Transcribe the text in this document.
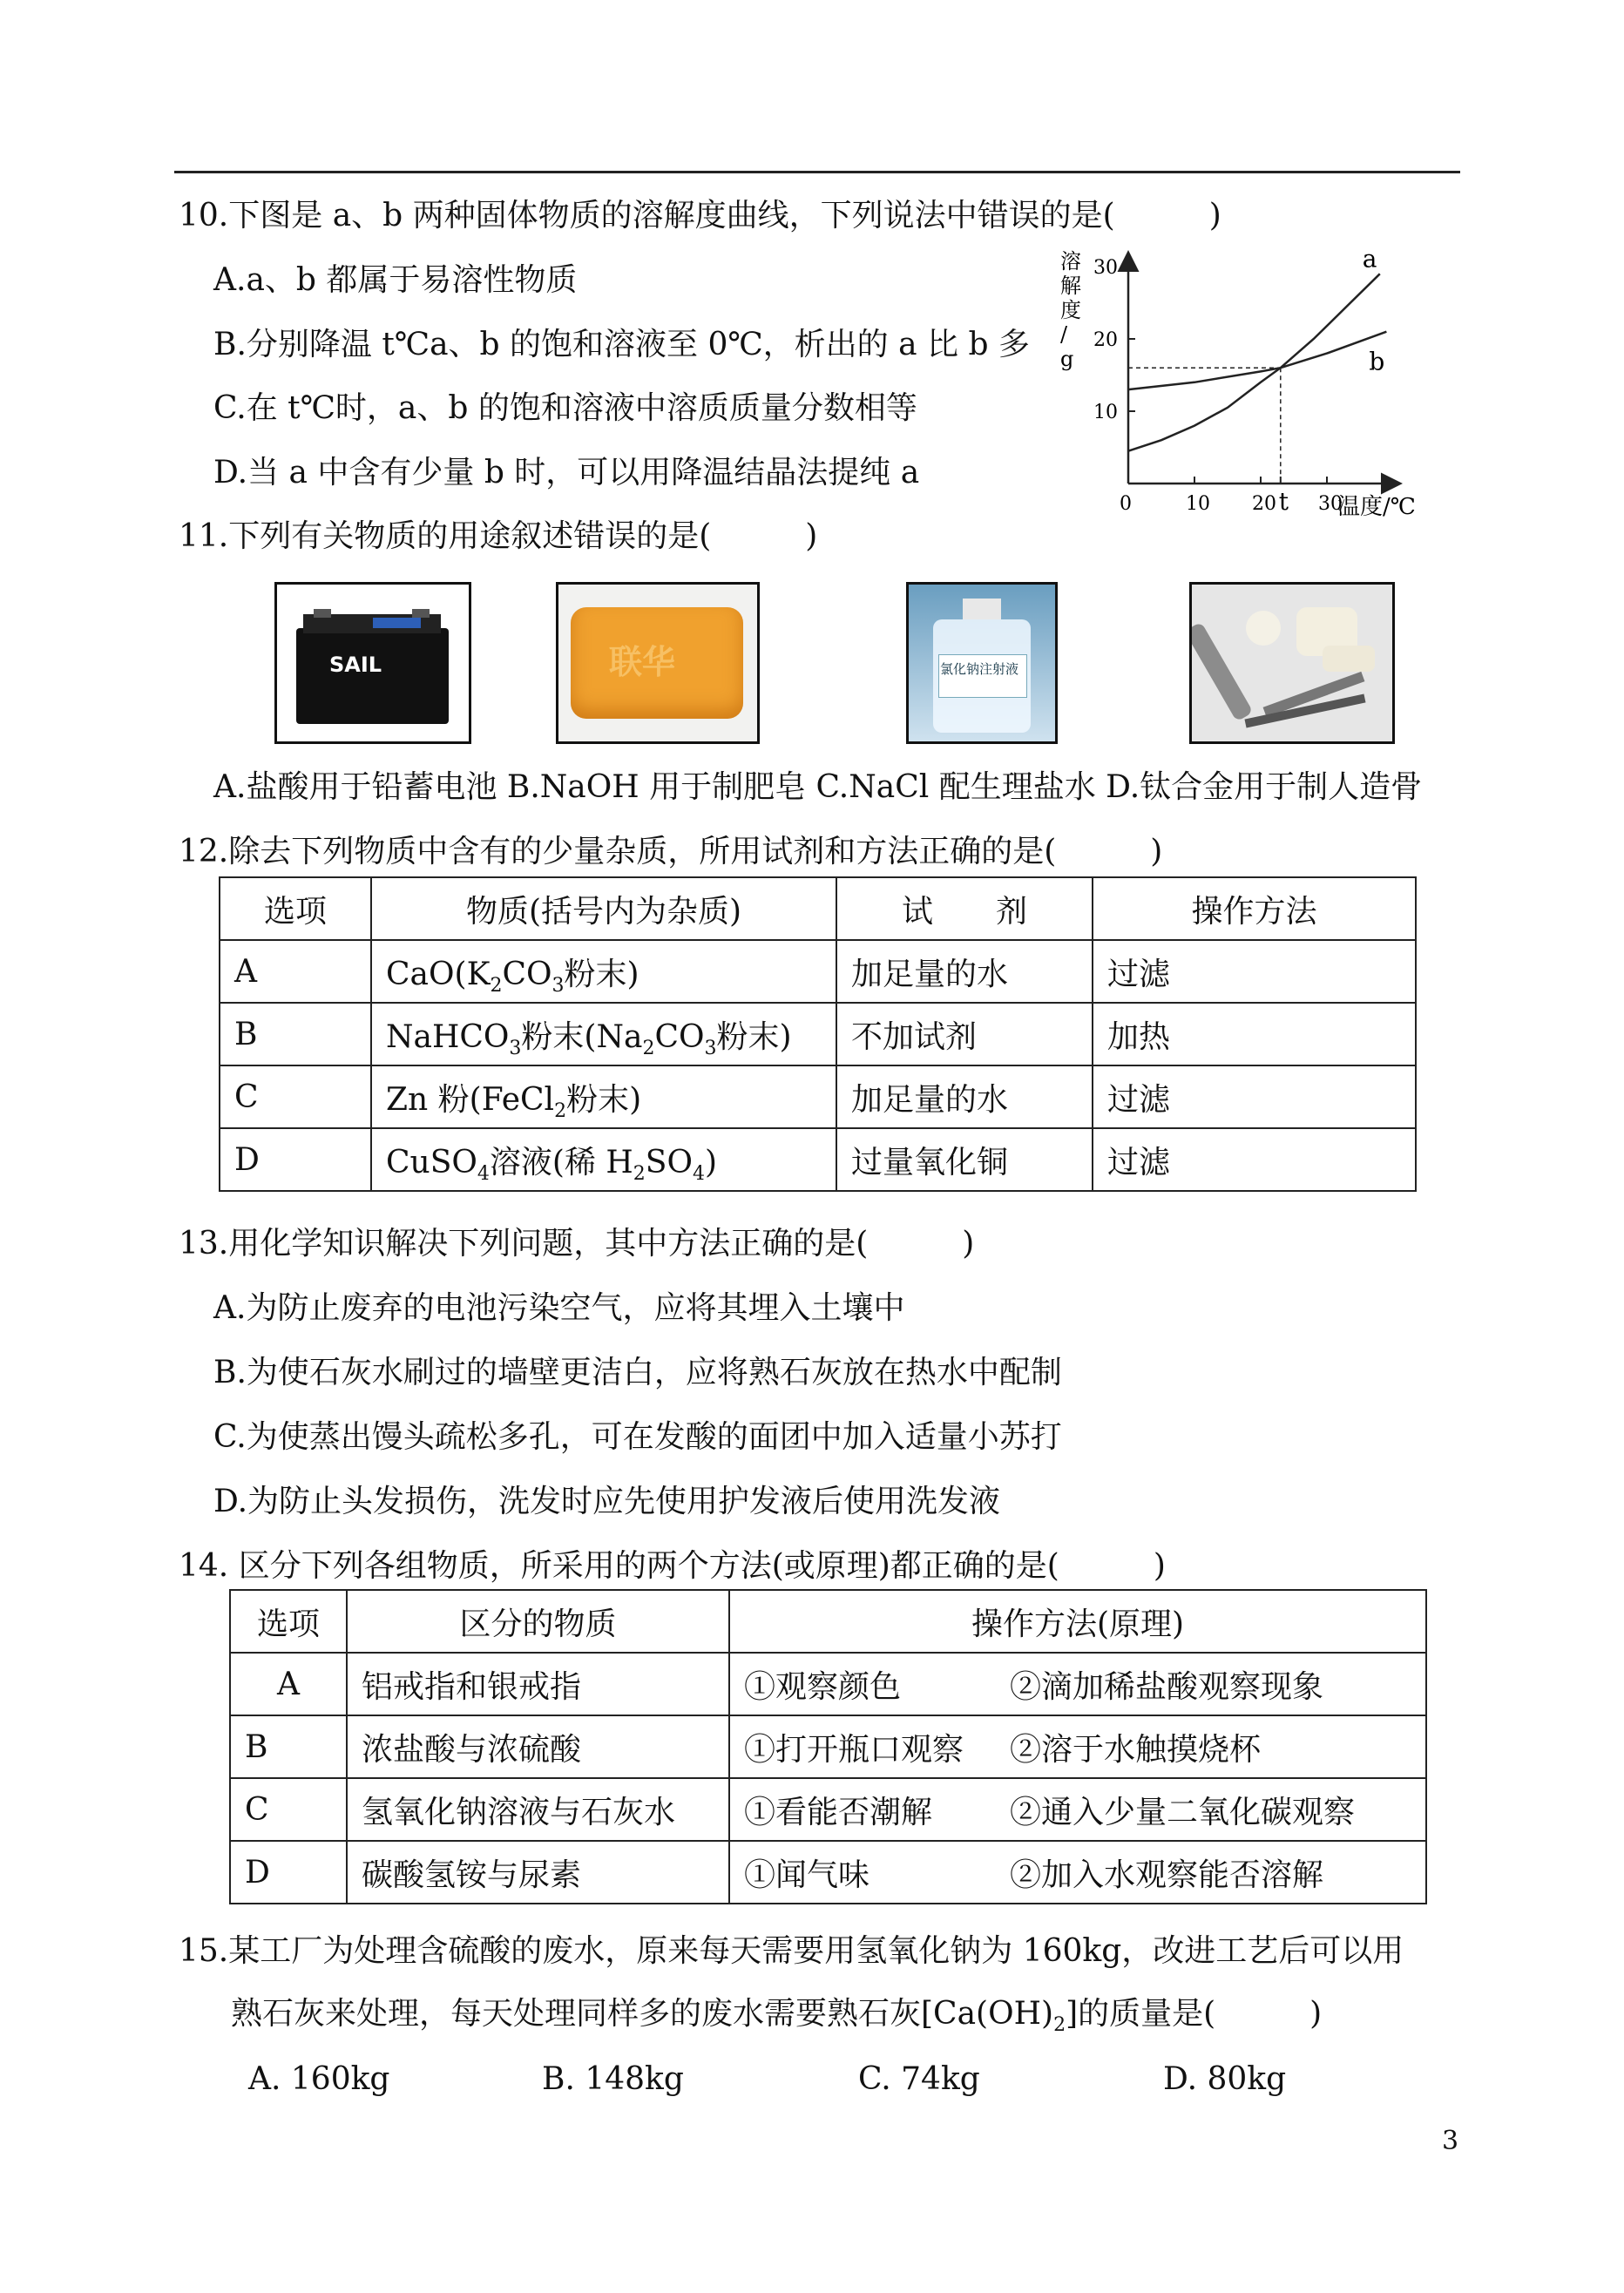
10.下图是 a、b 两种固体物质的溶解度曲线，下列说法中错误的是(　　　)
A.a、b 都属于易溶性物质
B.分别降温 t℃a、b 的饱和溶液至 0℃，析出的 a 比 b 多
C.在 t℃时，a、b 的饱和溶液中溶质质量分数相等
D.当 a 中含有少量 b 时，可以用降温结晶法提纯 a
溶
解
度
/
g
10
20
30
0	10 20 t 30
a
b
温度/℃
11.下列有关物质的用途叙述错误的是(　　　)
SAIL	联华	氯化钠注射液
A.盐酸用于铅蓄电池 B.NaOH 用于制肥皂 C.NaCl 配生理盐水 D.钛合金用于制人造骨
12.除去下列物质中含有的少量杂质，所用试剂和方法正确的是(　　　)
选项	物质(括号内为杂质)	试　　剂	操作方法
A	$CaO(K_2CO_3$粉末)	加足量的水	过滤
B	NaHCO$_3$粉末($Na_2CO_3$粉末)	不加试剂	加热
C	Zn 粉(FeCl$_2$粉末)	加足量的水	过滤
D	CuSO$_4$溶液(稀 $H_2SO_4$)	过量氧化铜	过滤
13.用化学知识解决下列问题，其中方法正确的是(　　　)
A.为防止废弃的电池污染空气，应将其埋入土壤中
B.为使石灰水刷过的墙壁更洁白，应将熟石灰放在热水中配制
C.为使蒸出馒头疏松多孔，可在发酸的面团中加入适量小苏打
D.为防止头发损伤，洗发时应先使用护发液后使用洗发液
14. 区分下列各组物质，所采用的两个方法(或原理)都正确的是(　　　)
选项	区分的物质	操作方法(原理)
A	铝戒指和银戒指	①观察颜色 ②滴加稀盐酸观察现象
B	浓盐酸与浓硫酸	①打开瓶口观察 ②溶于水触摸烧杯
C	氢氧化钠溶液与石灰水	①看能否潮解 ②通入少量二氧化碳观察
D	碳酸氢铵与尿素	①闻气味 ②加入水观察能否溶解
15.某工厂为处理含硫酸的废水，原来每天需要用氢氧化钠为 160kg，改进工艺后可以用
熟石灰来处理，每天处理同样多的废水需要熟石灰$[Ca(OH)_2]$的质量是(　　　)
A. 160kg	B. 148kg	C. 74kg	D. 80kg
3
